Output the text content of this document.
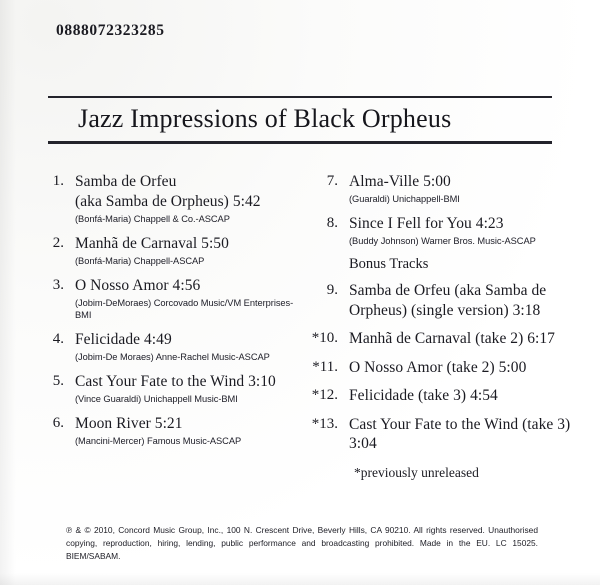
0888072323285
Jazz Impressions of Black Orpheus
1. Samba de Orfeu
(aka Samba de Orpheus) 5:42
(Bonfá-Maria) Chappell & Co.-ASCAP
2. Manhã de Carnaval 5:50
(Bonfá-Maria) Chappell-ASCAP
3. O Nosso Amor 4:56
(Jobim-DeMoraes) Corcovado Music/VM Enterprises-BMI
4. Felicidade 4:49
(Jobim-De Moraes) Anne-Rachel Music-ASCAP
5. Cast Your Fate to the Wind 3:10
(Vince Guaraldi) Unichappell Music-BMI
6. Moon River 5:21
(Mancini-Mercer) Famous Music-ASCAP
7. Alma-Ville 5:00
(Guaraldi) Unichappell-BMI
8. Since I Fell for You 4:23
(Buddy Johnson) Warner Bros. Music-ASCAP
Bonus Tracks
9. Samba de Orfeu (aka Samba de
Orpheus) (single version) 3:18
*10. Manhã de Carnaval (take 2) 6:17
*11. O Nosso Amor (take 2) 5:00
*12. Felicidade (take 3) 4:54
*13. Cast Your Fate to the Wind (take 3) 3:04
*previously unreleased
℗ & © 2010, Concord Music Group, Inc., 100 N. Crescent Drive, Beverly Hills, CA 90210. All rights reserved. Unauthorised copying, reproduction, hiring, lending, public performance and broadcasting prohibited. Made in the EU. LC 15025. BIEM/SABAM.
